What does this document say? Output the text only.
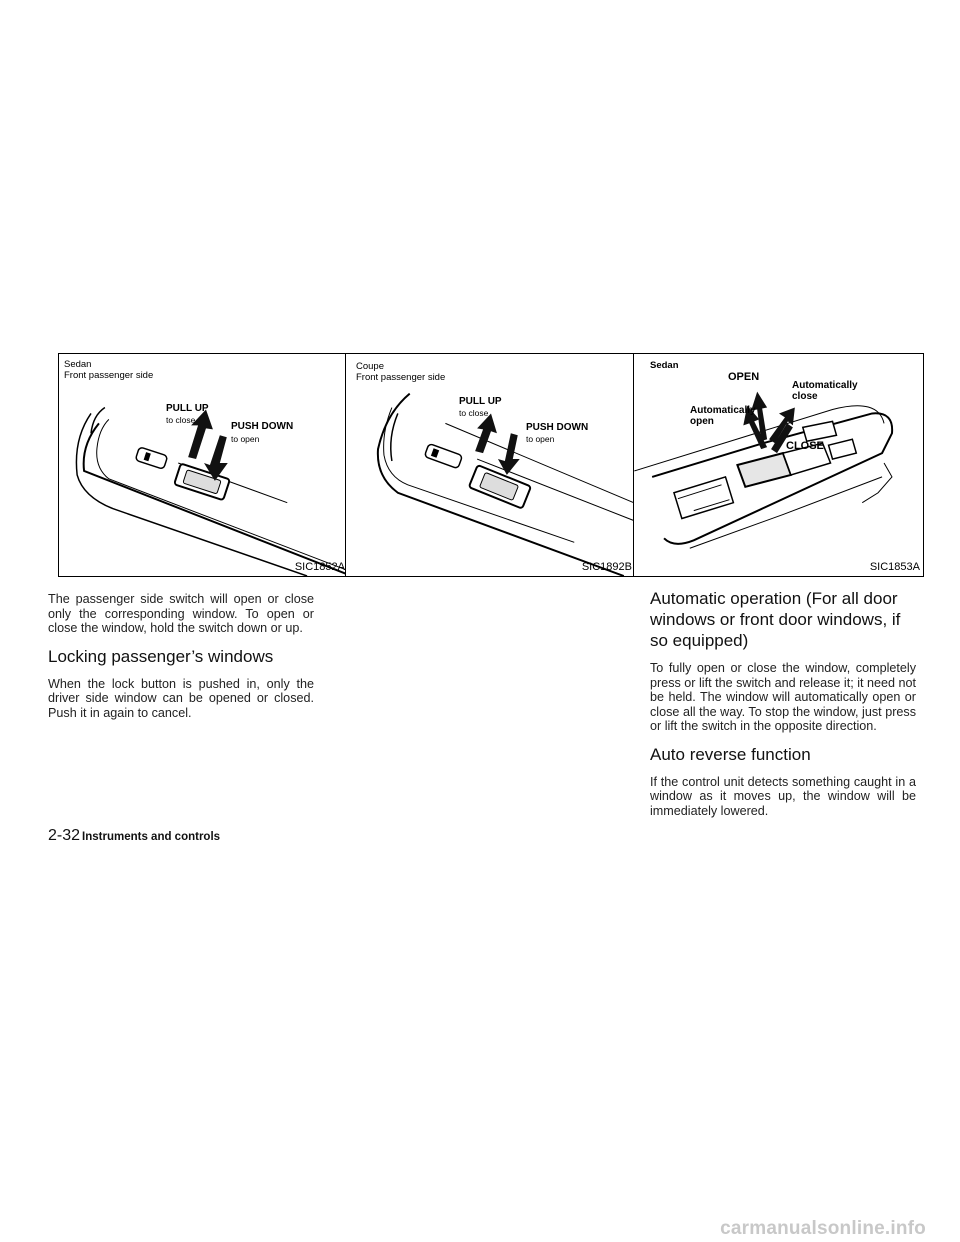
Sedan
Front passenger side
PULL UP
to close
PUSH DOWN
to open
SIC1852A
Coupe
Front passenger side
PULL UP
to close
PUSH DOWN
to open
SIC1892B
Sedan
OPEN
Automatically
close
Automatically
open
CLOSE
SIC1853A

The passenger side switch will open or close only the corresponding window. To open or close the window, hold the switch down or up.

Locking passenger’s windows

When the lock button is pushed in, only the driver side window can be opened or closed. Push it in again to cancel.

Automatic operation (For all door windows or front door windows, if so equipped)

To fully open or close the window, completely press or lift the switch and release it; it need not be held. The window will automatically open or close all the way. To stop the window, just press or lift the switch in the opposite direction.

Auto reverse function

If the control unit detects something caught in a window as it moves up, the window will be immediately lowered.

2-32 Instruments and controls
carmanualsonline.info
